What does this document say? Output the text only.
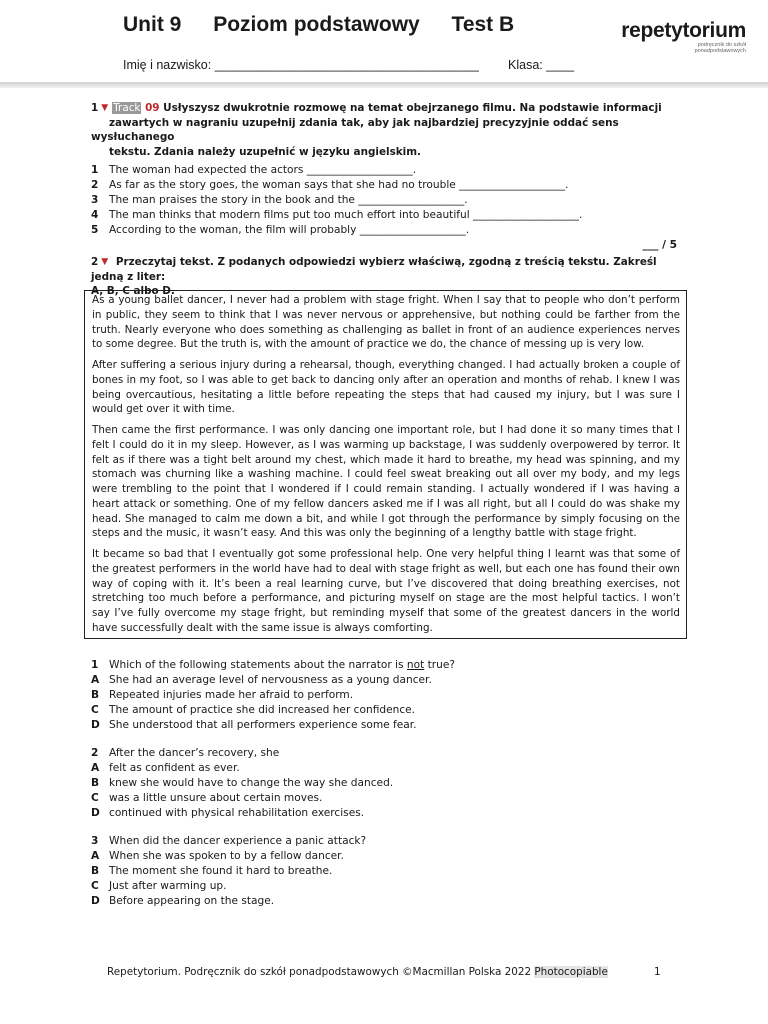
Unit 9 Poziom podstawowy Test B	repetytorium
podręcznik do szkół
ponadpodstawowych
Imię i nazwisko: ______________________________________ Klasa: ____
1 ▼ Track 09 Usłyszysz dwukrotnie rozmowę na temat obejrzanego filmu. Na podstawie informacji
zawartych w nagraniu uzupełnij zdania tak, aby jak najbardziej precyzyjnie oddać sens wysłuchanego
tekstu. Zdania należy uzupełnić w języku angielskim.
1	The woman had expected the actors ____________________.
2	As far as the story goes, the woman says that she had no trouble ____________________.
3	The man praises the story in the book and the ____________________.
4	The man thinks that modern films put too much effort into beautiful ____________________.
5	According to the woman, the film will probably ____________________.
___ / 5
2 ▼ Przeczytaj tekst. Z podanych odpowiedzi wybierz właściwą, zgodną z treścią tekstu. Zakreśl jedną z liter:
A, B, C albo D.

As a young ballet dancer, I never had a problem with stage fright. When I say that to people who don’t perform in public, they seem to think that I was never nervous or apprehensive, but nothing could be farther from the truth. Nearly everyone who does something as challenging as ballet in front of an audience experiences nerves to some degree. But the truth is, with the amount of practice we do, the chance of messing up is very low.

After suffering a serious injury during a rehearsal, though, everything changed. I had actually broken a couple of bones in my foot, so I was able to get back to dancing only after an operation and months of rehab. I knew I was being overcautious, hesitating a little before repeating the steps that had caused my injury, but I was sure I would get over it with time.

Then came the first performance. I was only dancing one important role, but I had done it so many times that I felt I could do it in my sleep. However, as I was warming up backstage, I was suddenly overpowered by terror. It felt as if there was a tight belt around my chest, which made it hard to breathe, my head was spinning, and my stomach was churning like a washing machine. I could feel sweat breaking out all over my body, and my legs were trembling to the point that I wondered if I could remain standing. I actually wondered if I was having a heart attack or something. One of my fellow dancers asked me if I was all right, but all I could do was shake my head. She managed to calm me down a bit, and while I got through the performance by simply focusing on the steps and the music, it wasn’t easy. And this was only the beginning of a lengthy battle with stage fright.

It became so bad that I eventually got some professional help. One very helpful thing I learnt was that some of the greatest performers in the world have had to deal with stage fright as well, but each one has found their own way of coping with it. It’s been a real learning curve, but I’ve discovered that doing breathing exercises, not stretching too much before a performance, and picturing myself on stage are the most helpful tactics. I won’t say I’ve fully overcome my stage fright, but reminding myself that some of the greatest dancers in the world have successfully dealt with the same issue is always comforting.

1	Which of the following statements about the narrator is not true?
A She had an average level of nervousness as a young dancer.
B Repeated injuries made her afraid to perform.
C The amount of practice she did increased her confidence.
D She understood that all performers experience some fear.
2	After the dancer’s recovery, she
A felt as confident as ever.
B knew she would have to change the way she danced.
C was a little unsure about certain moves.
D continued with physical rehabilitation exercises.
3	When did the dancer experience a panic attack?
A When she was spoken to by a fellow dancer.
B The moment she found it hard to breathe.
C Just after warming up.
D Before appearing on the stage.
Repetytorium. Podręcznik do szkół ponadpodstawowych ©Macmillan Polska 2022 Photocopiable	1
